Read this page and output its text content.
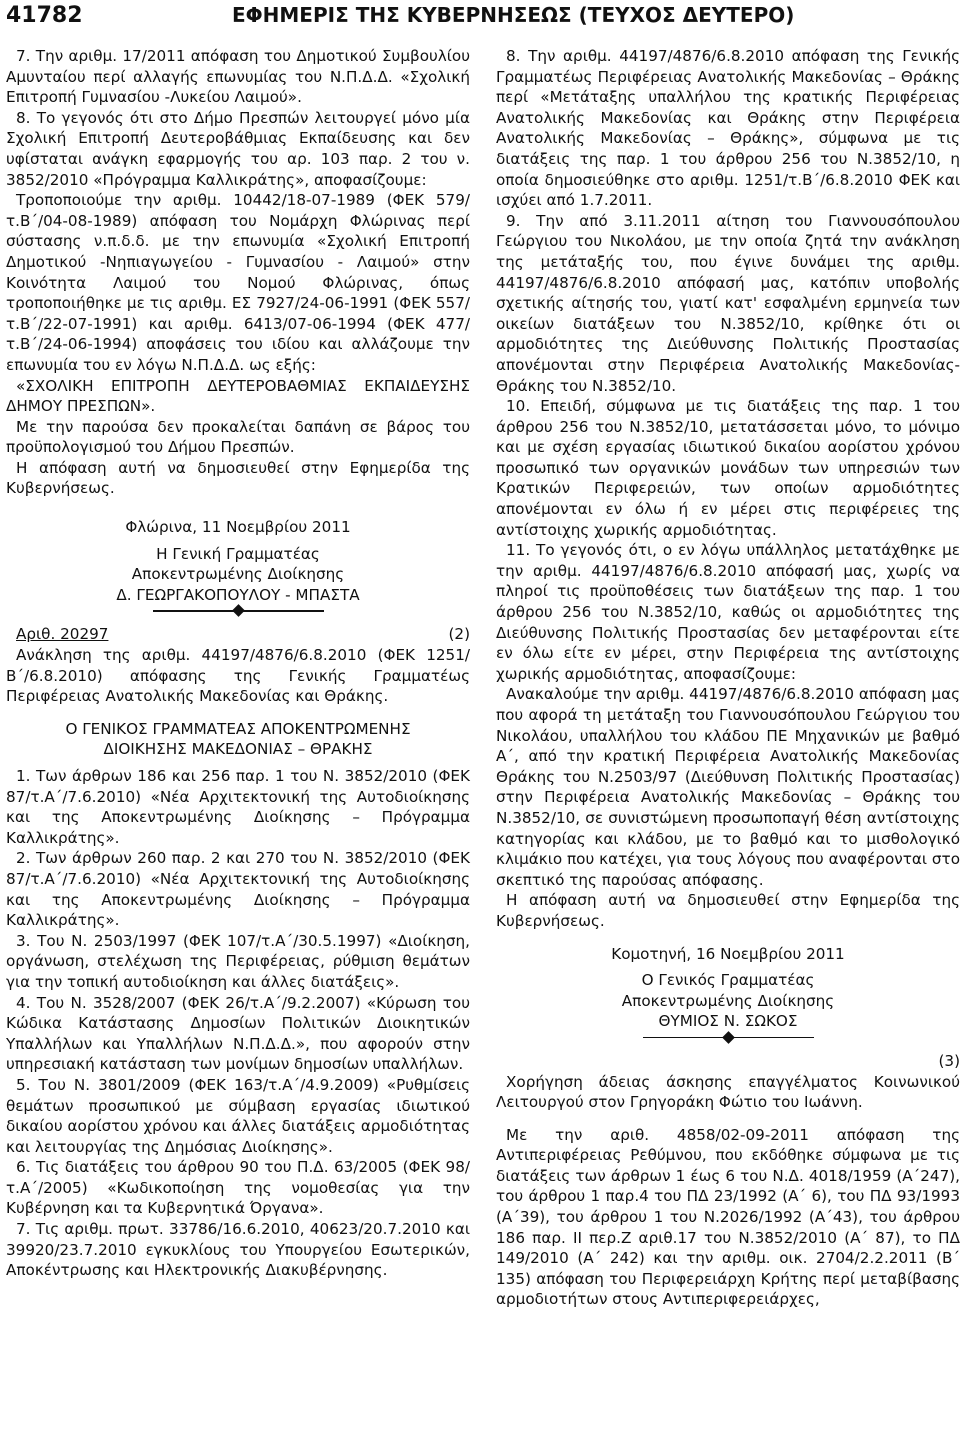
41782	ΕΦΗΜΕΡΙΣ ΤΗΣ ΚΥΒΕΡΝΗΣΕΩΣ (ΤΕΥΧΟΣ ΔΕΥΤΕΡΟ)

7. Την αριθμ. 17/2011 απόφαση του Δημοτικού Συμβουλίου Αμυνταίου περί αλλαγής επωνυμίας του Ν.Π.Δ.Δ. «Σχολική Επιτροπή Γυμνασίου -Λυκείου Λαιμού».

8. Το γεγονός ότι στο Δήμο Πρεσπών λειτουργεί μόνο μία Σχολική Επιτροπή Δευτεροβάθμιας Εκπαίδευσης και δεν υφίσταται ανάγκη εφαρμογής του αρ. 103 παρ. 2 του ν. 3852/2010 «Πρόγραμμα Καλλικράτης», αποφασίζουμε:

Τροποποιούμε την αριθμ. 10442/18-07-1989 (ΦΕΚ 579/τ.Β΄/04-08-1989) απόφαση του Νομάρχη Φλώρινας περί σύστασης ν.π.δ.δ. με την επωνυμία «Σχολική Επιτροπή Δημοτικού -Νηπιαγωγείου - Γυμνασίου - Λαιμού» στην Κοινότητα Λαιμού του Νομού Φλώρινας, όπως τροποποιήθηκε με τις αριθμ. ΕΣ 7927/24-06-1991 (ΦΕΚ 557/τ.Β΄/22-07-1991) και αριθμ. 6413/07-06-1994 (ΦΕΚ 477/τ.Β΄/24-06-1994) αποφάσεις του ιδίου και αλλάζουμε την επωνυμία του εν λόγω Ν.Π.Δ.Δ. ως εξής:

«ΣΧΟΛΙΚΗ ΕΠΙΤΡΟΠΗ ΔΕΥΤΕΡΟΒΑΘΜΙΑΣ ΕΚΠΑΙΔΕΥΣΗΣ ΔΗΜΟΥ ΠΡΕΣΠΩΝ».

Με την παρούσα δεν προκαλείται δαπάνη σε βάρος του προϋπολογισμού του Δήμου Πρεσπών.

Η απόφαση αυτή να δημοσιευθεί στην Εφημερίδα της Κυβερνήσεως.

Φλώρινα, 11 Νοεμβρίου 2011

Η Γενική Γραμματέας

Αποκεντρωμένης Διοίκησης

Δ. ΓΕΩΡΓΑΚΟΠΟΥΛΟΥ - ΜΠΑΣΤΑ

Αριθ. 20297	(2)

Ανάκληση της αριθμ. 44197/4876/6.8.2010 (ΦΕΚ 1251/Β΄/6.8.2010) απόφασης της Γενικής Γραμματέως Περιφέρειας Ανατολικής Μακεδονίας και Θράκης.

Ο ΓΕΝΙΚΟΣ ΓΡΑΜΜΑΤΕΑΣ ΑΠΟΚΕΝΤΡΩΜΕΝΗΣ

ΔΙΟΙΚΗΣΗΣ ΜΑΚΕΔΟΝΙΑΣ – ΘΡΑΚΗΣ

1. Των άρθρων 186 και 256 παρ. 1 του Ν. 3852/2010 (ΦΕΚ 87/τ.Α΄/7.6.2010) «Νέα Αρχιτεκτονική της Αυτοδιοίκησης και της Αποκεντρωμένης Διοίκησης – Πρόγραμμα Καλλικράτης».

2. Των άρθρων 260 παρ. 2 και 270 του Ν. 3852/2010 (ΦΕΚ 87/τ.Α΄/7.6.2010) «Νέα Αρχιτεκτονική της Αυτοδιοίκησης και της Αποκεντρωμένης Διοίκησης – Πρόγραμμα Καλλικράτης».

3. Του Ν. 2503/1997 (ΦΕΚ 107/τ.Α΄/30.5.1997) «Διοίκηση, οργάνωση, στελέχωση της Περιφέρειας, ρύθμιση θεμάτων για την τοπική αυτοδιοίκηση και άλλες διατάξεις».

4. Του Ν. 3528/2007 (ΦΕΚ 26/τ.Α΄/9.2.2007) «Κύρωση του Κώδικα Κατάστασης Δημοσίων Πολιτικών Διοικητικών Υπαλλήλων και Υπαλλήλων Ν.Π.Δ.Δ.», που αφορούν στην υπηρεσιακή κατάσταση των μονίμων δημοσίων υπαλλήλων.

5. Του Ν. 3801/2009 (ΦΕΚ 163/τ.Α΄/4.9.2009) «Ρυθμίσεις θεμάτων προσωπικού με σύμβαση εργασίας ιδιωτικού δικαίου αορίστου χρόνου και άλλες διατάξεις αρμοδιότητας και λειτουργίας της Δημόσιας Διοίκησης».

6. Τις διατάξεις του άρθρου 90 του Π.Δ. 63/2005 (ΦΕΚ 98/τ.Α΄/2005) «Κωδικοποίηση της νομοθεσίας για την Κυβέρνηση και τα Κυβερνητικά Όργανα».

7. Τις αριθμ. πρωτ. 33786/16.6.2010, 40623/20.7.2010 και 39920/23.7.2010 εγκυκλίους του Υπουργείου Εσωτερικών, Αποκέντρωσης και Ηλεκτρονικής Διακυβέρνησης.

8. Την αριθμ. 44197/4876/6.8.2010 απόφαση της Γενικής Γραμματέως Περιφέρειας Ανατολικής Μακεδονίας – Θράκης περί «Μετάταξης υπαλλήλου της κρατικής Περιφέρειας Ανατολικής Μακεδονίας και Θράκης στην Περιφέρεια Ανατολικής Μακεδονίας – Θράκης», σύμφωνα με τις διατάξεις της παρ. 1 του άρθρου 256 του Ν.3852/10, η οποία δημοσιεύθηκε στο αριθμ. 1251/τ.Β΄/6.8.2010 ΦΕΚ και ισχύει από 1.7.2011.

9. Την από 3.11.2011 αίτηση του Γιαννουσόπουλου Γεώργιου του Νικολάου, με την οποία ζητά την ανάκληση της μετάταξής του, που έγινε δυνάμει της αριθμ. 44197/4876/6.8.2010 απόφασή μας, κατόπιν υποβολής σχετικής αίτησής του, γιατί κατ' εσφαλμένη ερμηνεία των οικείων διατάξεων του Ν.3852/10, κρίθηκε ότι οι αρμοδιότητες της Διεύθυνσης Πολιτικής Προστασίας απονέμονται στην Περιφέρεια Ανατολικής Μακεδονίας-Θράκης του Ν.3852/10.

10. Επειδή, σύμφωνα με τις διατάξεις της παρ. 1 του άρθρου 256 του Ν.3852/10, μετατάσσεται μόνο, το μόνιμο και με σχέση εργασίας ιδιωτικού δικαίου αορίστου χρόνου προσωπικό των οργανικών μονάδων των υπηρεσιών των Κρατικών Περιφερειών, των οποίων αρμοδιότητες απονέμονται εν όλω ή εν μέρει στις περιφέρειες της αντίστοιχης χωρικής αρμοδιότητας.

11. Το γεγονός ότι, ο εν λόγω υπάλληλος μετατάχθηκε με την αριθμ. 44197/4876/6.8.2010 απόφασή μας, χωρίς να πληροί τις προϋποθέσεις των διατάξεων της παρ. 1 του άρθρου 256 του Ν.3852/10, καθώς οι αρμοδιότητες της Διεύθυνσης Πολιτικής Προστασίας δεν μεταφέρονται είτε εν όλω είτε εν μέρει, στην Περιφέρεια της αντίστοιχης χωρικής αρμοδιότητας, αποφασίζουμε:

Ανακαλούμε την αριθμ. 44197/4876/6.8.2010 απόφαση μας που αφορά τη μετάταξη του Γιαννουσόπουλου Γεώργιου του Νικολάου, υπαλλήλου του κλάδου ΠΕ Μηχανικών με βαθμό Α΄, από την κρατική Περιφέρεια Ανατολικής Μακεδονίας Θράκης του Ν.2503/97 (Διεύθυνση Πολιτικής Προστασίας) στην Περιφέρεια Ανατολικής Μακεδονίας – Θράκης του Ν.3852/10, σε συνιστώμενη προσωποπαγή θέση αντίστοιχης κατηγορίας και κλάδου, με το βαθμό και το μισθολογικό κλιμάκιο που κατέχει, για τους λόγους που αναφέρονται στο σκεπτικό της παρούσας απόφασης.

Η απόφαση αυτή να δημοσιευθεί στην Εφημερίδα της Κυβερνήσεως.

Κομοτηνή, 16 Νοεμβρίου 2011

Ο Γενικός Γραμματέας

Αποκεντρωμένης Διοίκησης

ΘΥΜΙΟΣ Ν. ΣΩΚΟΣ

(3)

Χορήγηση άδειας άσκησης επαγγέλματος Κοινωνικού Λειτουργού στον Γρηγοράκη Φώτιο του Ιωάννη.

Με την αριθ. 4858/02-09-2011 απόφαση της Αντιπεριφέρειας Ρεθύμνου, που εκδόθηκε σύμφωνα με τις διατάξεις των άρθρων 1 έως 6 του Ν.Δ. 4018/1959 (Α΄247), του άρθρου 1 παρ.4 του ΠΔ 23/1992 (Α΄ 6), του ΠΔ 93/1993 (Α΄39), του άρθρου 1 του Ν.2026/1992 (Α΄43), του άρθρου 186 παρ. ΙΙ περ.Ζ αριθ.17 του Ν.3852/2010 (Α΄ 87), το ΠΔ 149/2010 (Α΄ 242) και την αριθμ. οικ. 2704/2.2.2011 (Β΄ 135) απόφαση του Περιφερειάρχη Κρήτης περί μεταβίβασης αρμοδιοτήτων στους Αντιπεριφερειάρχες,
